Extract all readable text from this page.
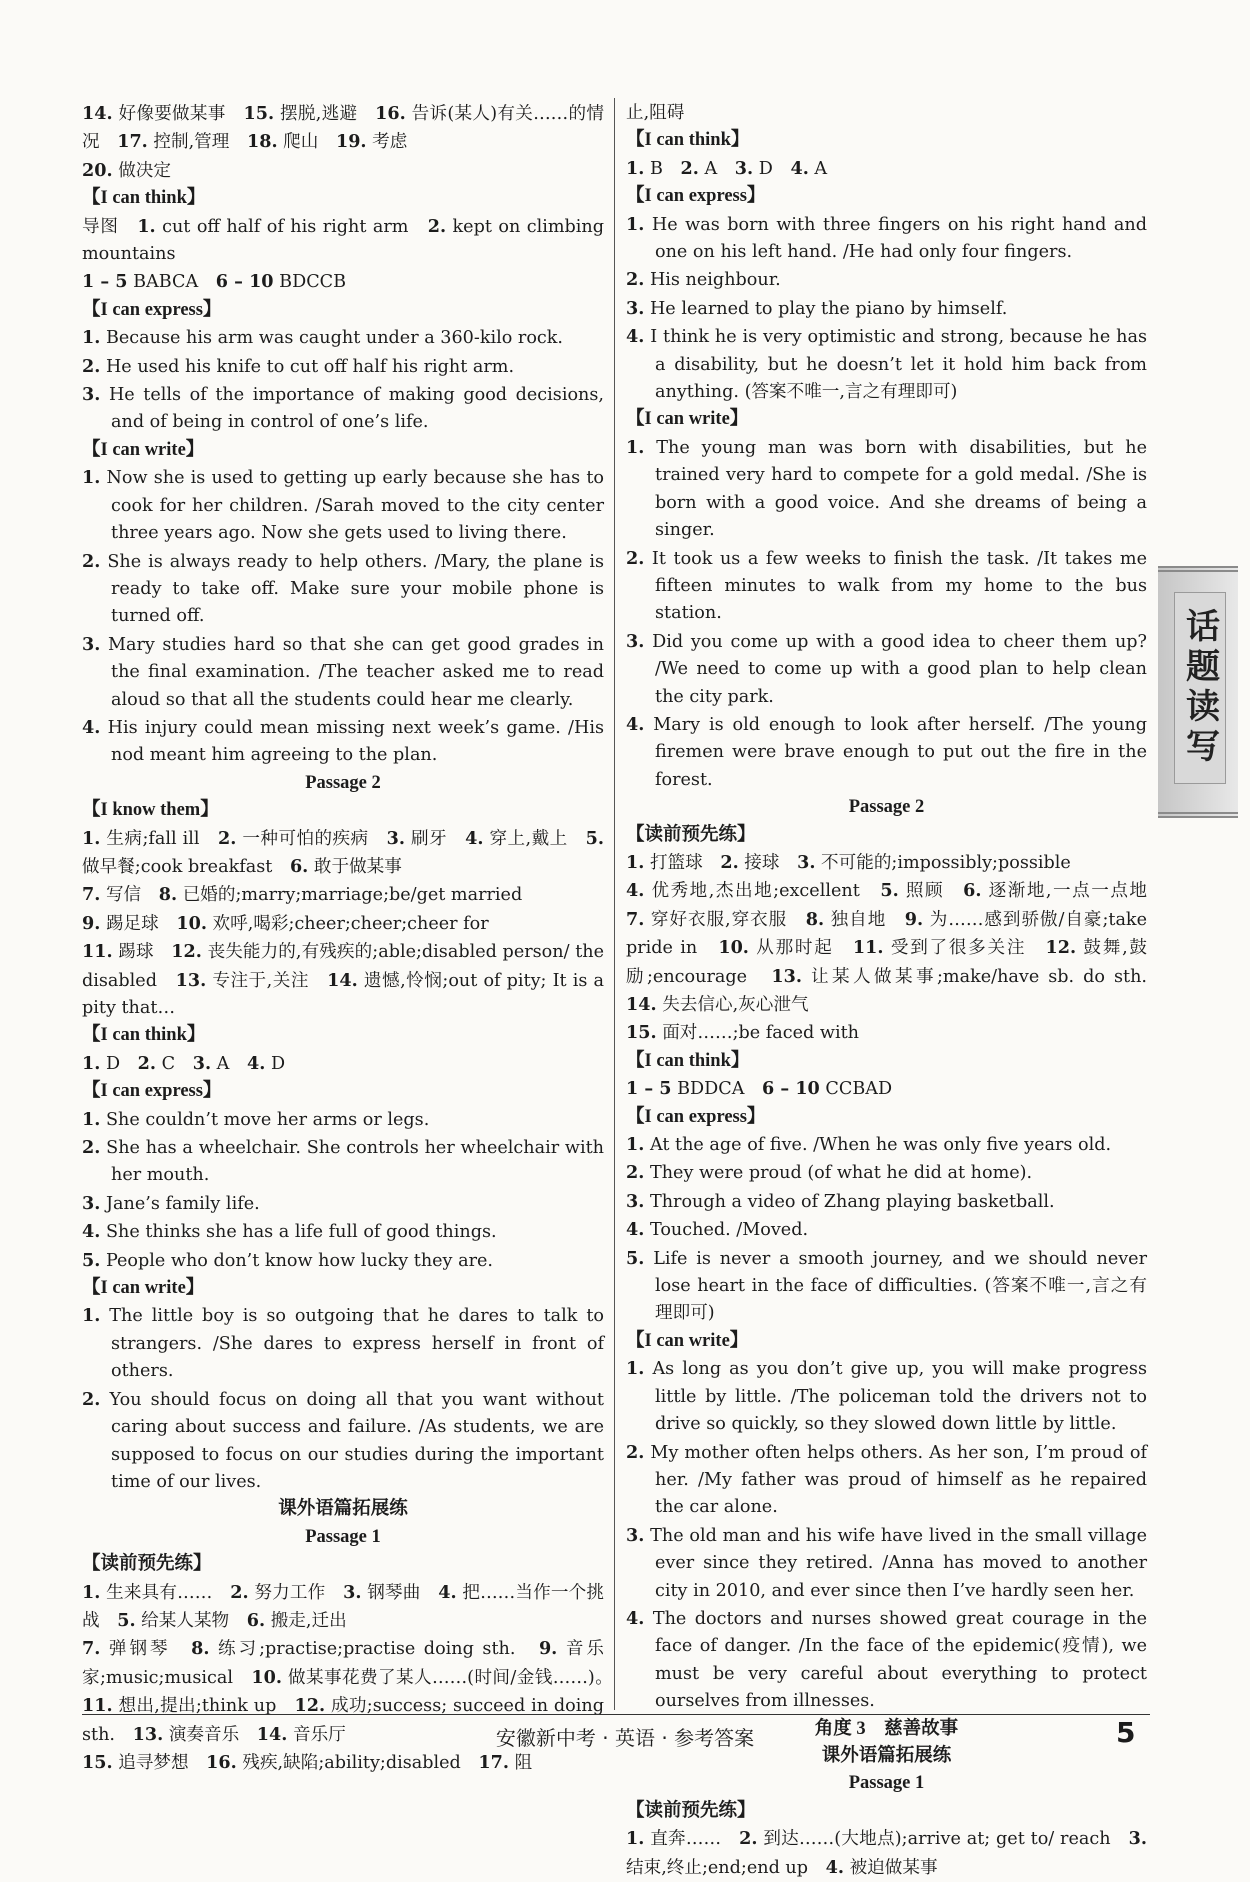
14. 好像要做某事　15. 摆脱,逃避　16. 告诉(某人)有关……的情况　17. 控制,管理　18. 爬山　19. 考虑
20. 做决定
【I can think】
导图　1. cut off half of his right arm　2. kept on climbing mountains
1 – 5 BABCA　6 – 10 BDCCB
【I can express】
1. Because his arm was caught under a 360-kilo rock.
2. He used his knife to cut off half his right arm.
3. He tells of the importance of making good decisions, and of being in control of one’s life.
【I can write】
1. Now she is used to getting up early because she has to cook for her children. /Sarah moved to the city center three years ago. Now she gets used to living there.
2. She is always ready to help others. /Mary, the plane is ready to take off. Make sure your mobile phone is turned off.
3. Mary studies hard so that she can get good grades in the final examination. /The teacher asked me to read aloud so that all the students could hear me clearly.
4. His injury could mean missing next week’s game. /His nod meant him agreeing to the plan.
Passage 2
【I know them】
1. 生病;fall ill　2. 一种可怕的疾病　3. 刷牙　4. 穿上,戴上　5. 做早餐;cook breakfast　6. 敢于做某事
7. 写信　8. 已婚的;marry;marriage;be/get married
9. 踢足球　10. 欢呼,喝彩;cheer;cheer;cheer for
11. 踢球　12. 丧失能力的,有残疾的;able;disabled person/ the disabled　13. 专注于,关注　14. 遗憾,怜悯;out of pity; It is a pity that…
【I can think】
1. D　2. C　3. A　4. D
【I can express】
1. She couldn’t move her arms or legs.
2. She has a wheelchair. She controls her wheelchair with her mouth.
3. Jane’s family life.
4. She thinks she has a life full of good things.
5. People who don’t know how lucky they are.
【I can write】
1. The little boy is so outgoing that he dares to talk to strangers. /She dares to express herself in front of others.
2. You should focus on doing all that you want without caring about success and failure. /As students, we are supposed to focus on our studies during the important time of our lives.
课外语篇拓展练
Passage 1
【读前预先练】
1. 生来具有……　2. 努力工作　3. 钢琴曲　4. 把……当作一个挑战　5. 给某人某物　6. 搬走,迁出
7. 弹钢琴　8. 练习;practise;practise doing sth.　9. 音乐家;music;musical　10. 做某事花费了某人……(时间/金钱……)。　11. 想出,提出;think up　12. 成功;success; succeed in doing sth.　13. 演奏音乐　14. 音乐厅
15. 追寻梦想　16. 残疾,缺陷;ability;disabled　17. 阻
止,阻碍
【I can think】
1. B　2. A　3. D　4. A
【I can express】
1. He was born with three fingers on his right hand and one on his left hand. /He had only four fingers.
2. His neighbour.
3. He learned to play the piano by himself.
4. I think he is very optimistic and strong, because he has a disability, but he doesn’t let it hold him back from anything. (答案不唯一,言之有理即可)
【I can write】
1. The young man was born with disabilities, but he trained very hard to compete for a gold medal. /She is born with a good voice. And she dreams of being a singer.
2. It took us a few weeks to finish the task. /It takes me fifteen minutes to walk from my home to the bus station.
3. Did you come up with a good idea to cheer them up? /We need to come up with a good plan to help clean the city park.
4. Mary is old enough to look after herself. /The young firemen were brave enough to put out the fire in the forest.
Passage 2
【读前预先练】
1. 打篮球　2. 接球　3. 不可能的;impossibly;possible
4. 优秀地,杰出地;excellent　5. 照顾　6. 逐渐地,一点一点地　7. 穿好衣服,穿衣服　8. 独自地　9. 为……感到骄傲/自豪;take pride in　10. 从那时起　11. 受到了很多关注　12. 鼓舞,鼓励;encourage　13. 让某人做某事;make/have sb. do sth.　14. 失去信心,灰心泄气
15. 面对……;be faced with
【I can think】
1 – 5 BDDCA　6 – 10 CCBAD
【I can express】
1. At the age of five. /When he was only five years old.
2. They were proud (of what he did at home).
3. Through a video of Zhang playing basketball.
4. Touched. /Moved.
5. Life is never a smooth journey, and we should never lose heart in the face of difficulties. (答案不唯一,言之有理即可)
【I can write】
1. As long as you don’t give up, you will make progress little by little. /The policeman told the drivers not to drive so quickly, so they slowed down little by little.
2. My mother often helps others. As her son, I’m proud of her. /My father was proud of himself as he repaired the car alone.
3. The old man and his wife have lived in the small village ever since they retired. /Anna has moved to another city in 2010, and ever since then I’ve hardly seen her.
4. The doctors and nurses showed great courage in the face of danger. /In the face of the epidemic(疫情), we must be very careful about everything to protect ourselves from illnesses.
角度 3　慈善故事
课外语篇拓展练
Passage 1
【读前预先练】
1. 直奔……　2. 到达……(大地点);arrive at; get to/ reach　3. 结束,终止;end;end up　4. 被迫做某事
话题读写
安徽新中考 · 英语 · 参考答案	5
